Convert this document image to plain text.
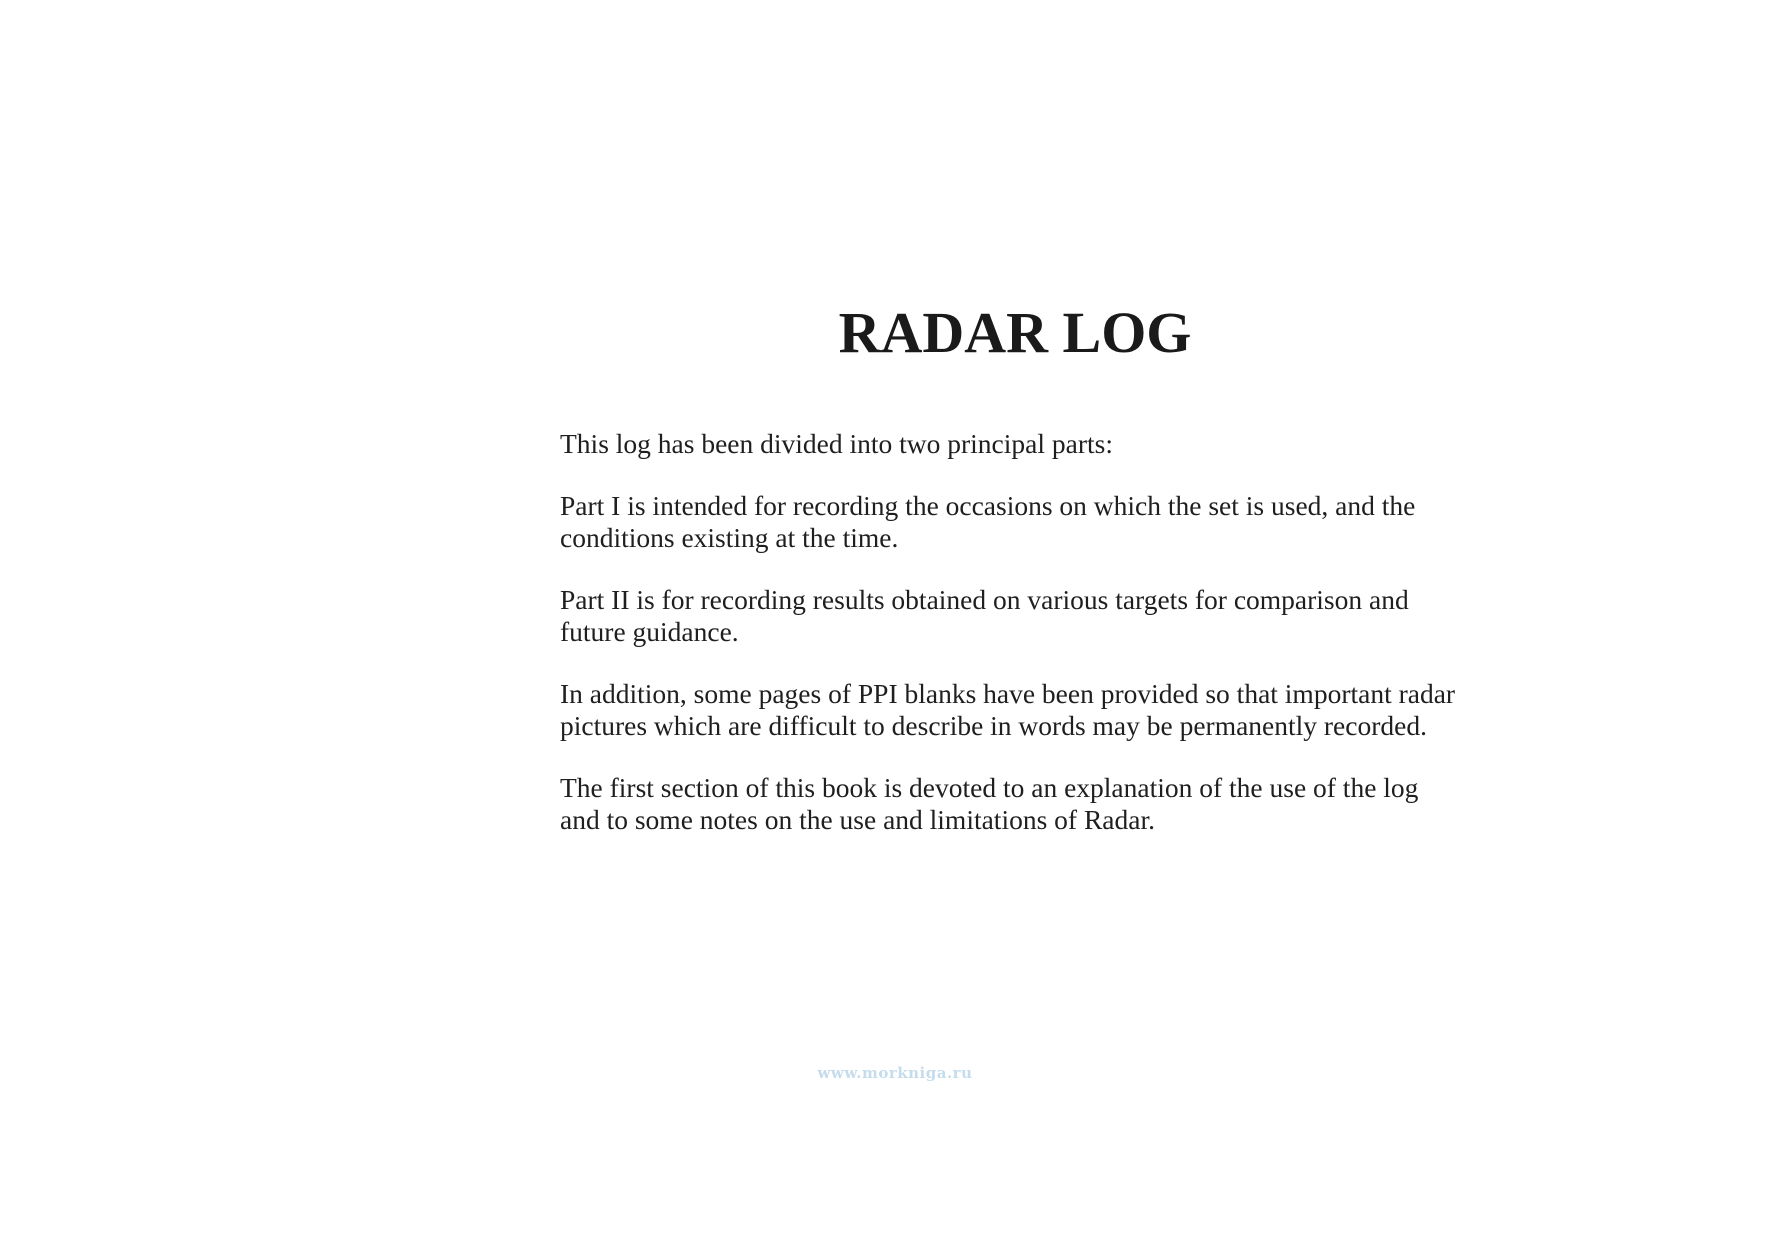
RADAR LOG

This log has been divided into two principal parts:

Part I is intended for recording the occasions on which the set is used, and the conditions existing at the time.

Part II is for recording results obtained on various targets for comparison and future guidance.

In addition, some pages of PPI blanks have been provided so that important radar pictures which are difficult to describe in words may be permanently recorded.

The first section of this book is devoted to an explanation of the use of the log and to some notes on the use and limitations of Radar.

www.morkniga.ru
